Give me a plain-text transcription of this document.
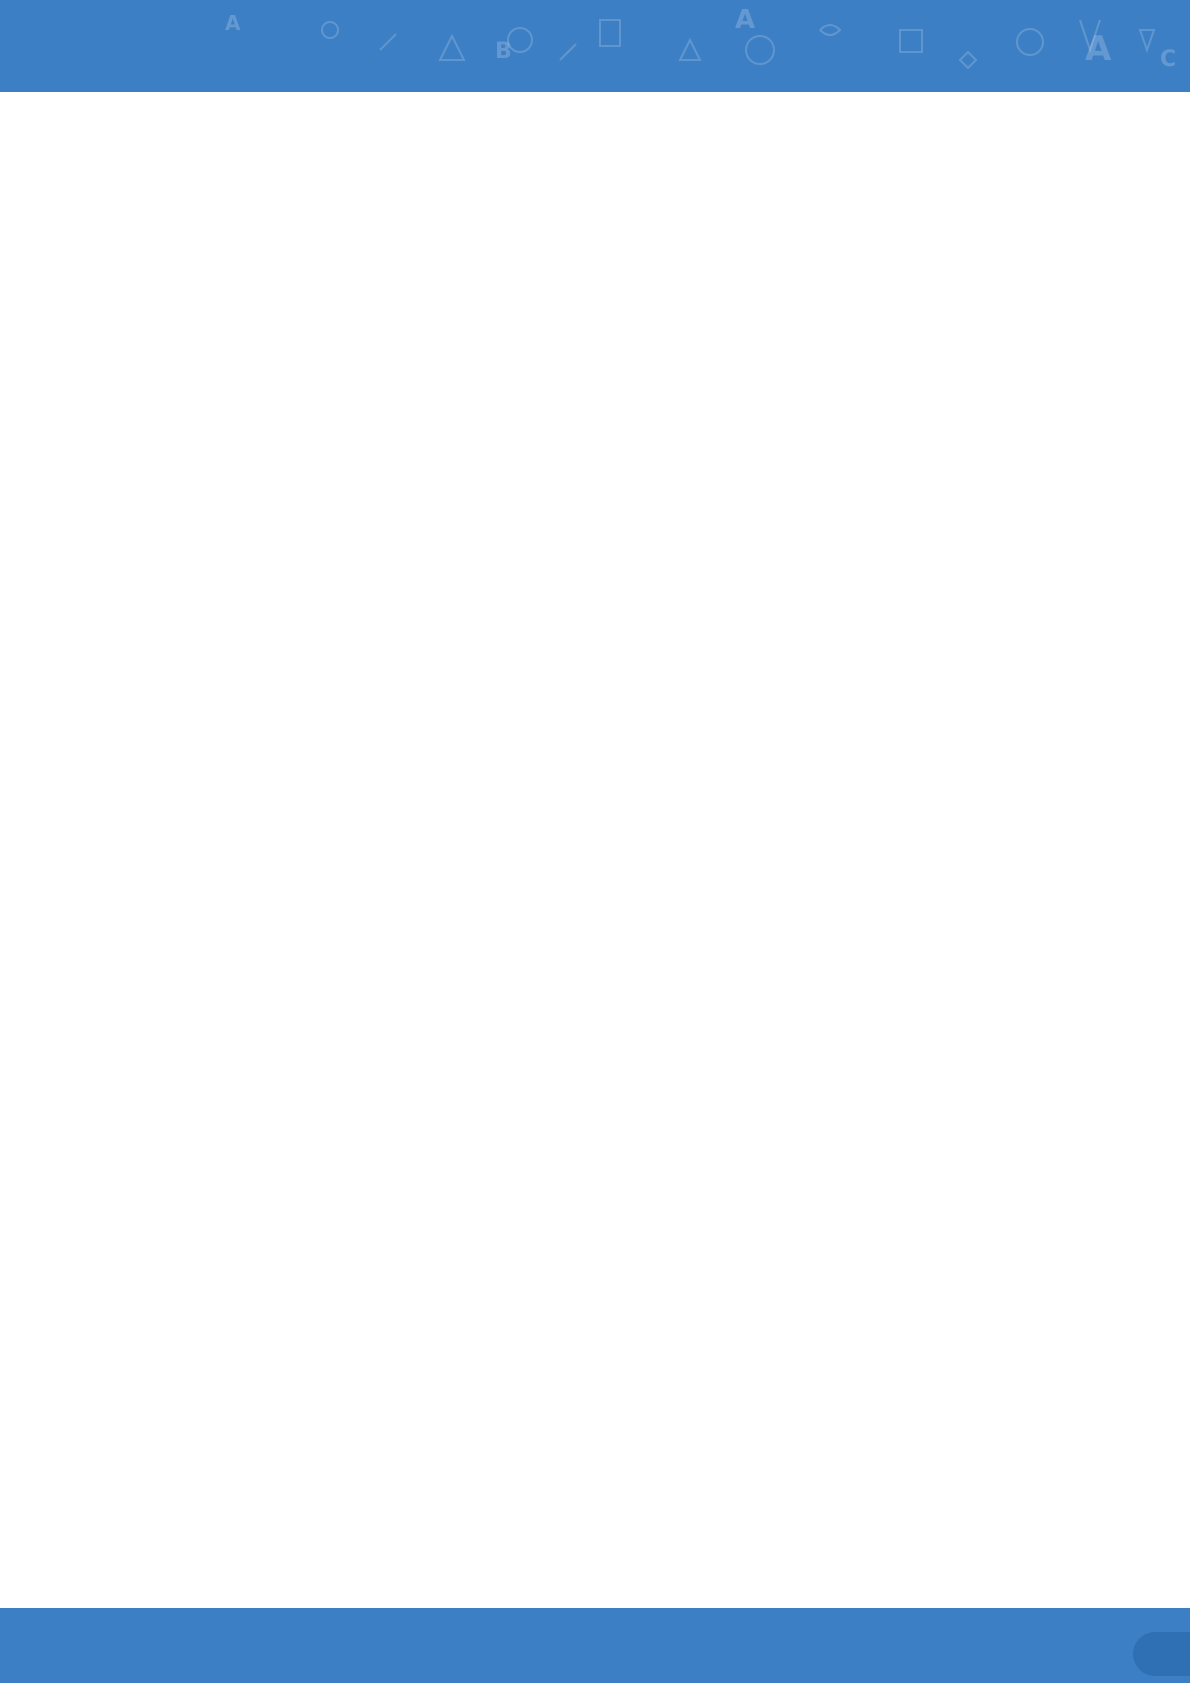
B
A
A C
A
